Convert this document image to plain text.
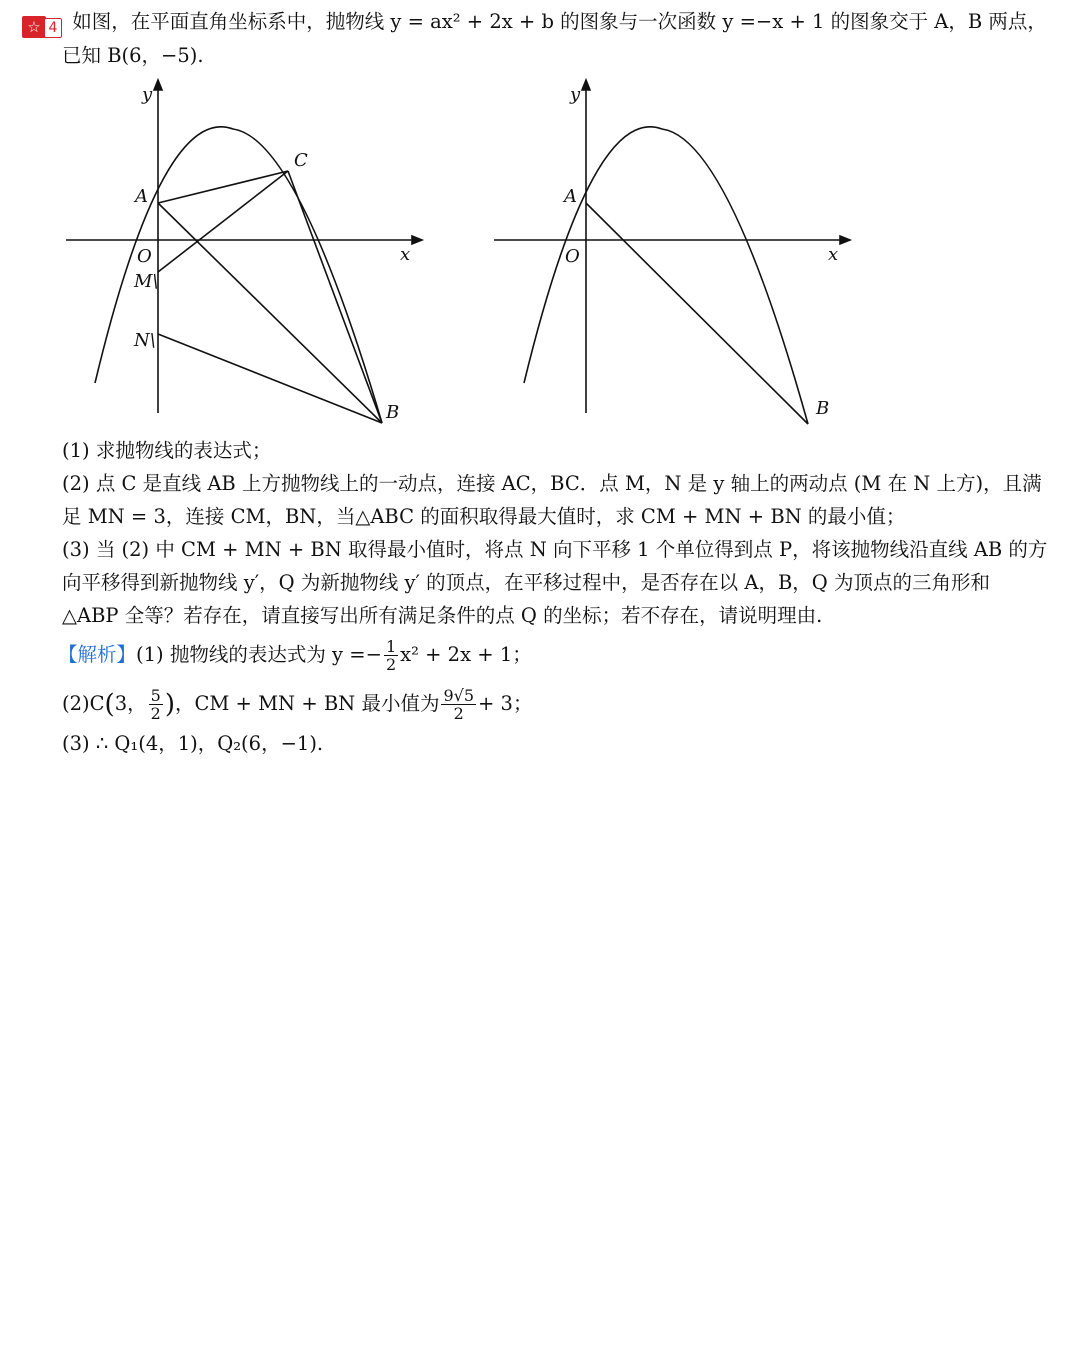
☆ 4 如图，在平面直角坐标系中，抛物线 y = ax² + 2x + b 的图象与一次函数 y =−x + 1 的图象交于 A，B 两点，
已知 B(6，−5).
y
x
O
A
C
M\
N\
B
y
x
O
A
B
(1) 求抛物线的表达式；
(2) 点 C 是直线 AB 上方抛物线上的一动点，连接 AC，BC．点 M，N 是 y 轴上的两动点 (M 在 N 上方)，且满
足 MN = 3，连接 CM，BN，当△ABC 的面积取得最大值时，求 CM + MN + BN 的最小值；
(3) 当 (2) 中 CM + MN + BN 取得最小值时，将点 N 向下平移 1 个单位得到点 P，将该抛物线沿直线 AB 的方
向平移得到新抛物线 y′，Q 为新抛物线 y′ 的顶点，在平移过程中，是否存在以 A，B，Q 为顶点的三角形和
△ABP 全等？若存在，请直接写出所有满足条件的点 Q 的坐标；若不存在，请说明理由.
【解析】(1) 抛物线的表达式为 $y =- \frac{1}{2} x^2 + 2x + 1$；
(2)C(3， $\frac{5}{2}$ )，CM + MN + BN 最小值为 $\frac{9√5}{2} + 3$；
(3) ∴ Q₁(4，1)，Q₂(6，−1).
